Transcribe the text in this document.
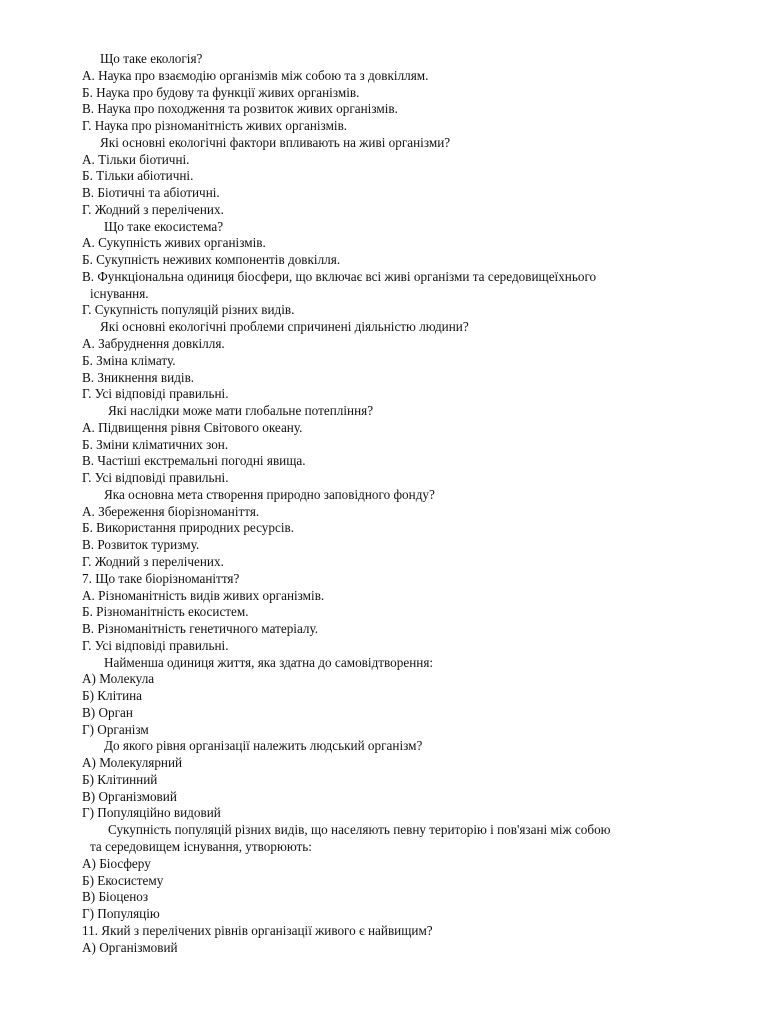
Що таке екологія?
А. Наука про взаємодію організмів між собою та з довкіллям.
Б. Наука про будову та функції живих організмів.
В. Наука про походження та розвиток живих організмів.
Г. Наука про різноманітність живих організмів.
Які основні екологічні фактори впливають на живі організми?
А. Тільки біотичні.
Б. Тільки абіотичні.
В. Біотичні та абіотичні.
Г. Жодний з перелічених.
Що таке екосистема?
А. Сукупність живих організмів.
Б. Сукупність неживих компонентів довкілля.
В. Функціональна одиниця біосфери, що включає всі живі організми та середовищеїхнього
існування.
Г. Сукупність популяцій різних видів.
Які основні екологічні проблеми спричинені діяльністю людини?
А. Забруднення довкілля.
Б. Зміна клімату.
В. Зникнення видів.
Г. Усі відповіді правильні.
Які наслідки може мати глобальне потепління?
А. Підвищення рівня Світового океану.
Б. Зміни кліматичних зон.
В. Частіші екстремальні погодні явища.
Г. Усі відповіді правильні.
Яка основна мета створення природно заповідного фонду?
А. Збереження біорізноманіття.
Б. Використання природних ресурсів.
В. Розвиток туризму.
Г. Жодний з перелічених.
7. Що таке біорізноманіття?
А. Різноманітність видів живих організмів.
Б. Різноманітність екосистем.
В. Різноманітність генетичного матеріалу.
Г. Усі відповіді правильні.
Найменша одиниця життя, яка здатна до самовідтворення:
А) Молекула
Б) Клітина
В) Орган
Г) Організм
До якого рівня організації належить людський організм?
А) Молекулярний
Б) Клітинний
В) Організмовий
Г) Популяційно видовий
Сукупність популяцій різних видів, що населяють певну територію і пов'язані між собою
та середовищем існування, утворюють:
А) Біосферу
Б) Екосистему
В) Біоценоз
Г) Популяцію
11. Який з перелічених рівнів організації живого є найвищим?
А) Організмовий
